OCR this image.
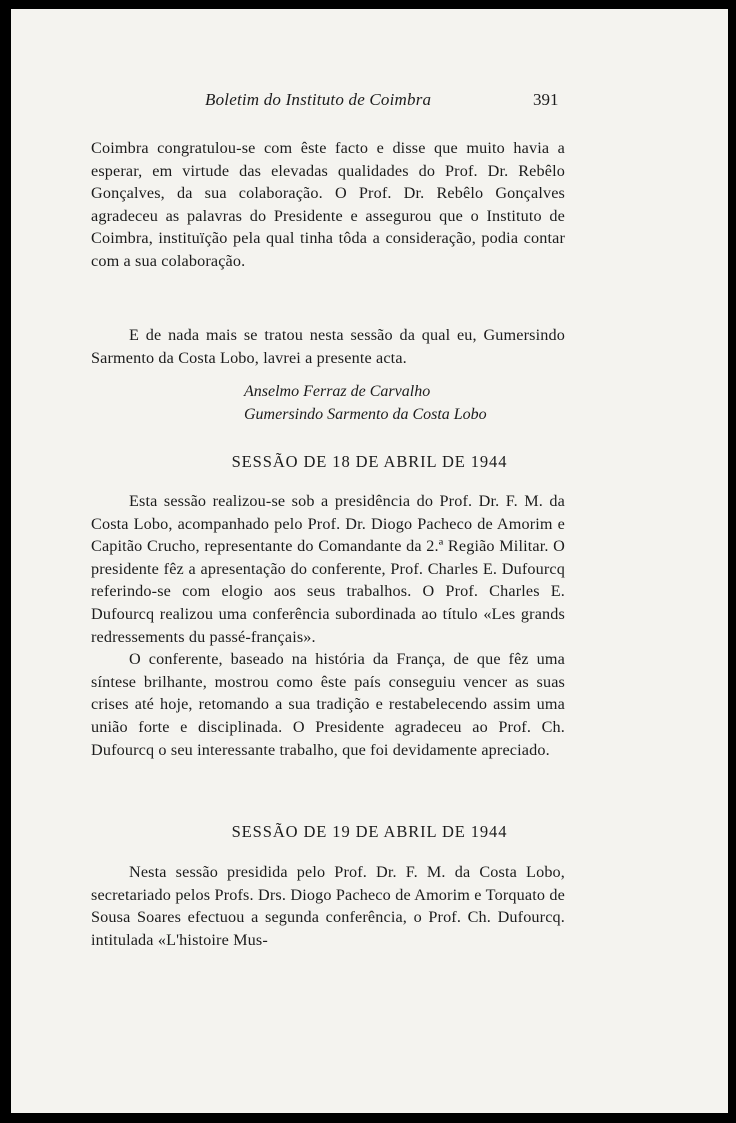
Boletim do Instituto de Coimbra	391

Coimbra congratulou-se com êste facto e disse que muito havia a esperar, em virtude das elevadas qualidades do Prof. Dr. Rebêlo Gonçalves, da sua colaboração. O Prof. Dr. Rebêlo Gonçalves agradeceu as palavras do Presidente e assegurou que o Instituto de Coimbra, instituïção pela qual tinha tôda a consideração, podia contar com a sua colaboração.

E de nada mais se tratou nesta sessão da qual eu, Gumersindo Sarmento da Costa Lobo, lavrei a presente acta.

Anselmo Ferraz de Carvalho
Gumersindo Sarmento da Costa Lobo
SESSÃO DE 18 DE ABRIL DE 1944

Esta sessão realizou-se sob a presidência do Prof. Dr. F. M. da Costa Lobo, acompanhado pelo Prof. Dr. Diogo Pacheco de Amorim e Capitão Crucho, representante do Comandante da 2.ª Região Militar. O presidente fêz a apresentação do conferente, Prof. Charles E. Dufourcq referindo-se com elogio aos seus trabalhos. O Prof. Charles E. Dufourcq realizou uma conferência subordinada ao título «Les grands redressements du passé-français».

O conferente, baseado na história da França, de que fêz uma síntese brilhante, mostrou como êste país conseguiu vencer as suas crises até hoje, retomando a sua tradição e restabelecendo assim uma união forte e disciplinada. O Presidente agradeceu ao Prof. Ch. Dufourcq o seu interessante trabalho, que foi devidamente apreciado.

SESSÃO DE 19 DE ABRIL DE 1944

Nesta sessão presidida pelo Prof. Dr. F. M. da Costa Lobo, secretariado pelos Profs. Drs. Diogo Pacheco de Amorim e Torquato de Sousa Soares efectuou a segunda conferência, o Prof. Ch. Dufourcq. intitulada «L'histoire Mus-
